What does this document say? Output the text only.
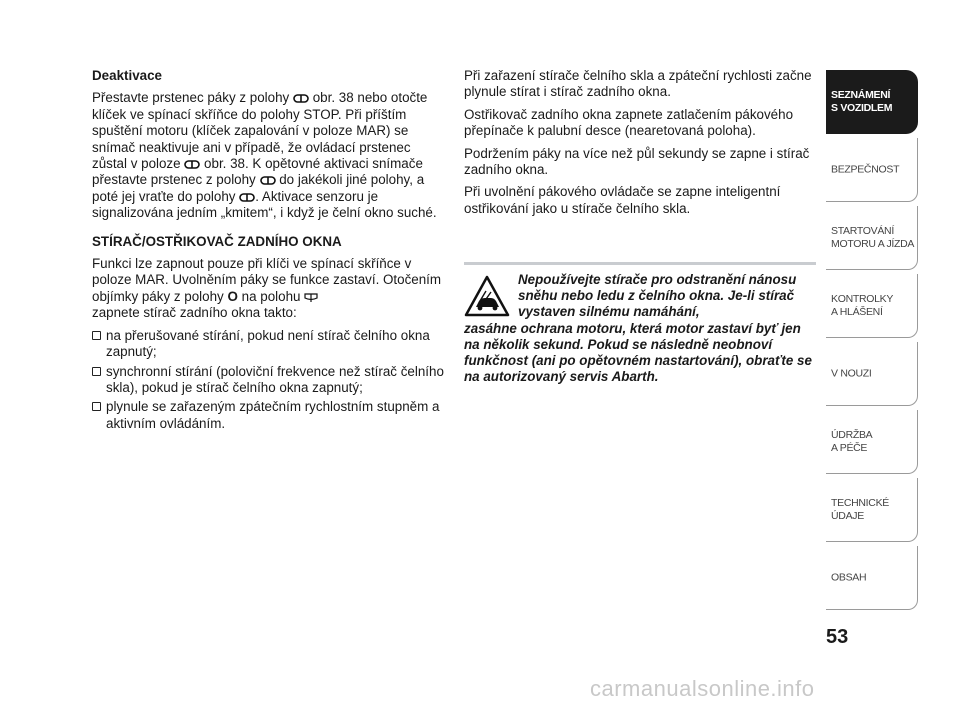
Deaktivace

Přestavte prstenec páky z polohy obr. 38 nebo otočte klíček ve spínací skříňce do polohy STOP. Při příštím spuštění motoru (klíček zapalování v poloze MAR) se snímač neaktivuje ani v případě, že ovládací prstenec zůstal v poloze obr. 38. K opětovné aktivaci snímače přestavte prstenec z polohy do jakékoli jiné polohy, a poté jej vraťte do polohy . Aktivace senzoru je signalizována jedním „kmitem“, i když je čelní okno suché.

STÍRAČ/OSTŘIKOVAČ ZADNÍHO OKNA

Funkci lze zapnout pouze při klíči ve spínací skříňce v poloze MAR. Uvolněním páky se funkce zastaví. Otočením objímky páky z polohy O na polohu
zapnete stírač zadního okna takto:

na přerušované stírání, pokud není stírač čelního okna zapnutý;
synchronní stírání (poloviční frekvence než stírač čelního skla), pokud je stírač čelního okna zapnutý;
plynule se zařazeným zpátečním rychlostním stupněm a aktivním ovládáním.

Při zařazení stírače čelního skla a zpáteční rychlosti začne plynule stírat i stírač zadního okna.

Ostřikovač zadního okna zapnete zatlačením pákového přepínače k palubní desce (nearetovaná poloha).

Podržením páky na více než půl sekundy se zapne i stírač zadního okna.

Při uvolnění pákového ovládače se zapne inteligentní ostřikování jako u stírače čelního skla.

Nepoužívejte stírače pro odstranění nánosu sněhu nebo ledu z čelního okna. Je-li stírač vystaven silnému namáhání,
zasáhne ochrana motoru, která motor zastaví byť jen na několik sekund. Pokud se následně neobnoví funkčnost (ani po opětovném nastartování), obraťte se na autorizovaný servis Abarth.
SEZNÁMENÍ
S VOZIDLEM
BEZPEČNOST
STARTOVÁNÍ
MOTORU A JÍZDA
KONTROLKY
A HLÁŠENÍ
V NOUZI
ÚDRŽBA
A PÉČE
TECHNICKÉ
ÚDAJE
OBSAH
53
carmanualsonline.info
